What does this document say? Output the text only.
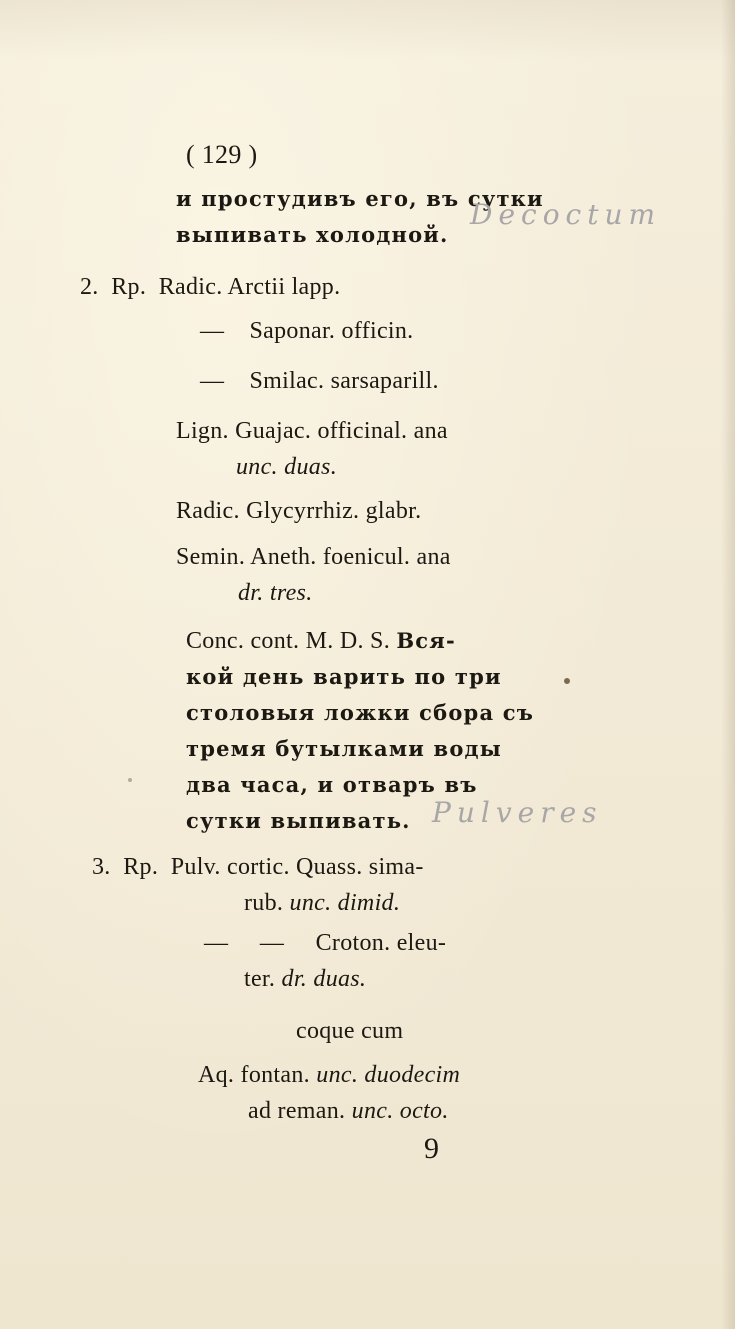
( 129 )
и простудивъ его, въ сутки
выпивать холодной.
Decoctum
2. Rp. Radic. Arctii lapp.
— Saponar. officin.
— Smilac. sarsaparill.
Lign. Guajac. officinal. ana
unc. duas.
Radic. Glycyrrhiz. glabr.
Semin. Aneth. foenicul. ana
dr. tres.
Conc. cont. M. D. S. Вся-
кой день варить по три
столовыя ложки сбора съ
тремя бутылками воды
два часа, и отваръ въ
сутки выпивать. Pulveres
3. Rp. Pulv. cortic. Quass. sima-
rub. unc. dimid.
— — Croton. eleu-
ter. dr. duas.
coque cum
Aq. fontan. unc. duodecim
ad reman. unc. octo.
9
